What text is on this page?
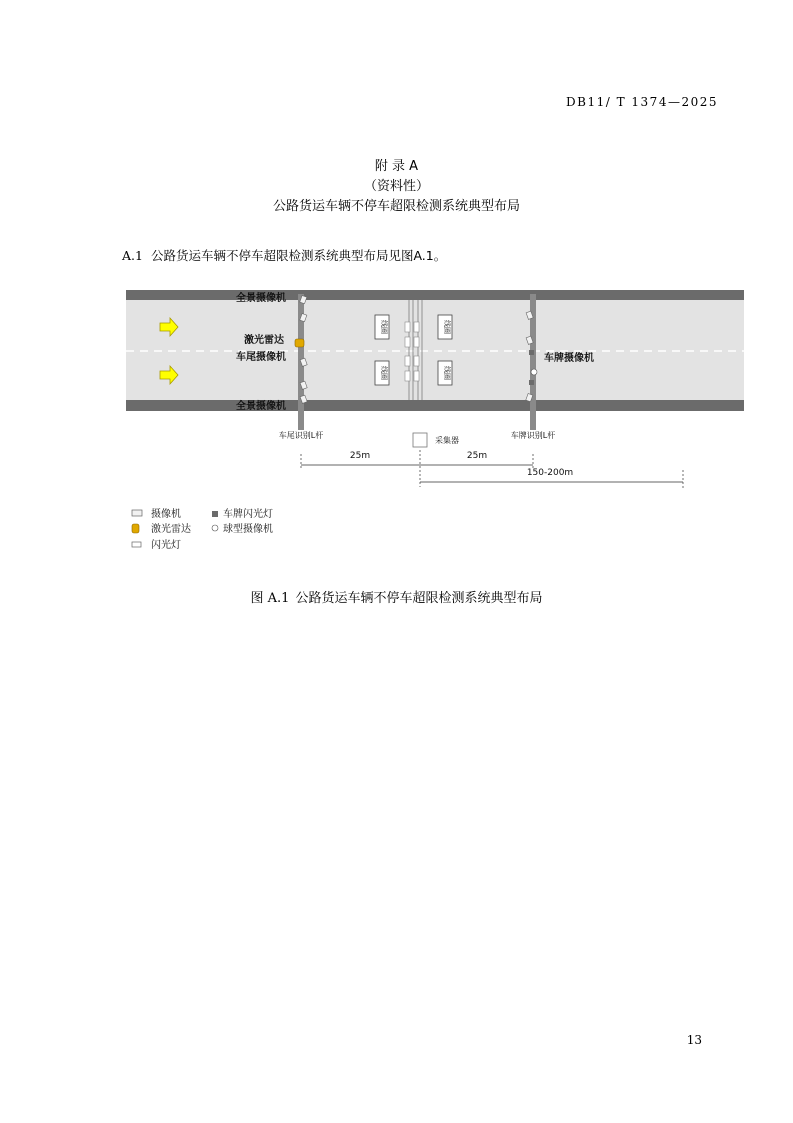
DB11/ T 1374—2025
附 录 A
（资料性）
公路货运车辆不停车超限检测系统典型布局
A.1 公路货运车辆不停车超限检测系统典型布局见图A.1。
全景摄像机
激光雷达
车尾摄像机
全景摄像机
线圈	线圈
线圈	线圈
车牌摄像机
车尾识别L杆	车牌识别L杆
采集器
25m	25m
150-200m
摄像机	车牌闪光灯
激光雷达	球型摄像机
闪光灯
图 A.1 公路货运车辆不停车超限检测系统典型布局
13
